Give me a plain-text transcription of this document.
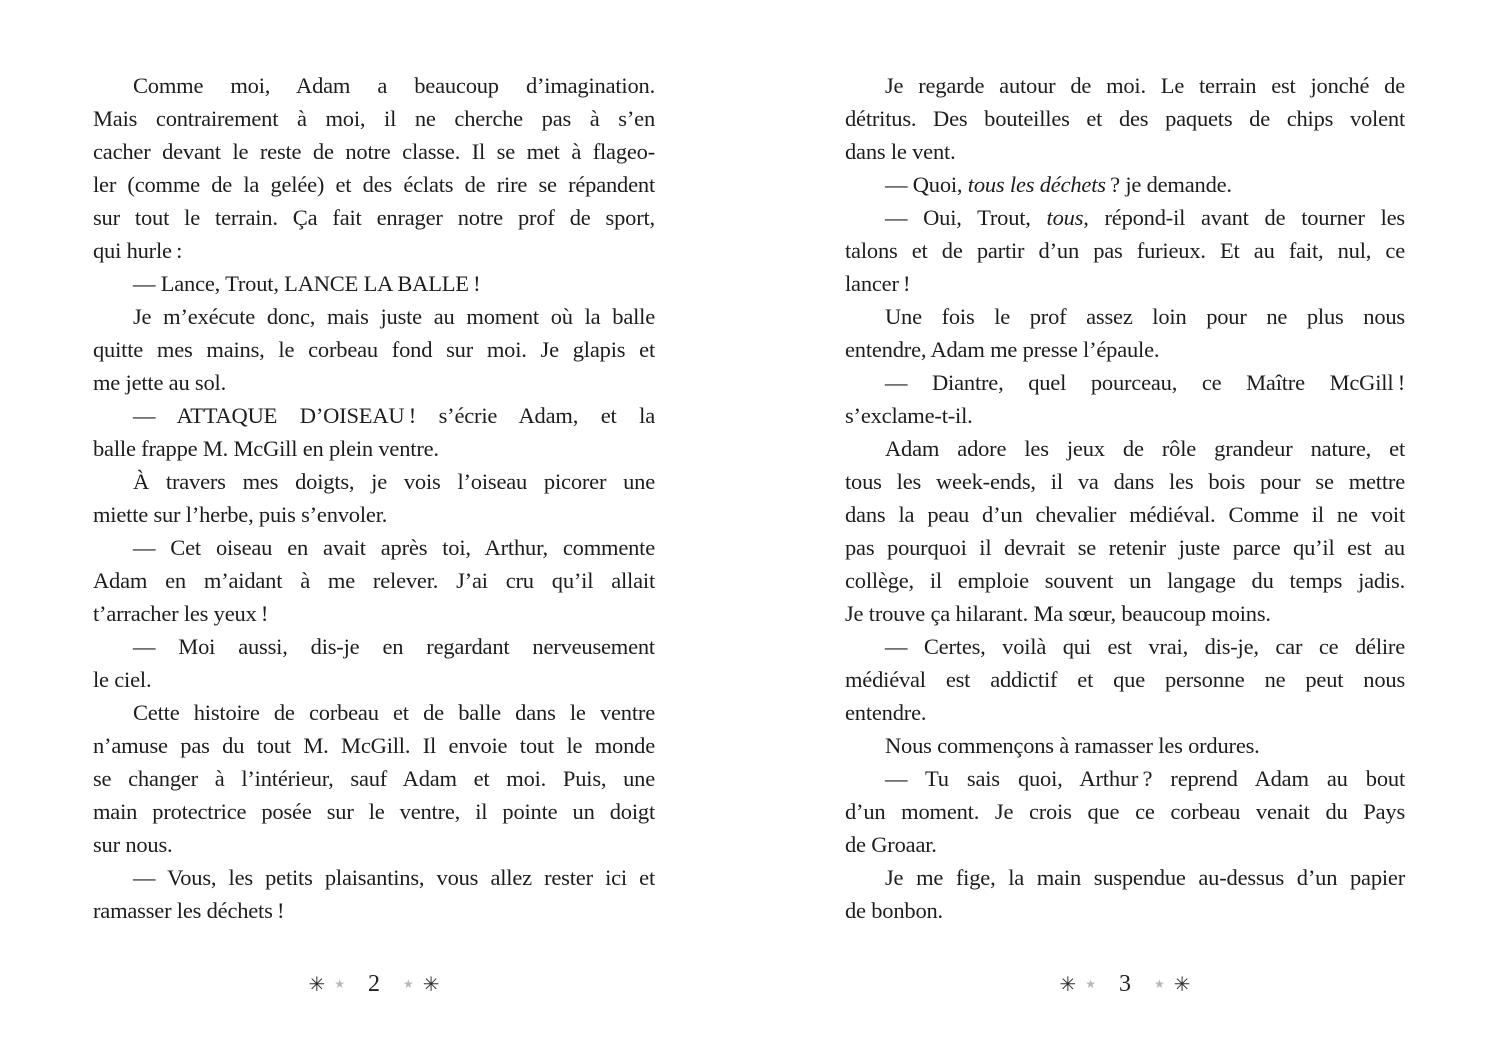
Comme moi, Adam a beaucoup d’imagination.
Mais contrairement à moi, il ne cherche pas à s’en
cacher devant le reste de notre classe. Il se met à flageo-
ler (comme de la gelée) et des éclats de rire se répandent
sur tout le terrain. Ça fait enrager notre prof de sport,
qui hurle :
— Lance, Trout, LANCE LA BALLE !
Je m’exécute donc, mais juste au moment où la balle
quitte mes mains, le corbeau fond sur moi. Je glapis et
me jette au sol.
— ATTAQUE D’OISEAU ! s’écrie Adam, et la
balle frappe M. McGill en plein ventre.
À travers mes doigts, je vois l’oiseau picorer une
miette sur l’herbe, puis s’envoler.
— Cet oiseau en avait après toi, Arthur, commente
Adam en m’aidant à me relever. J’ai cru qu’il allait
t’arracher les yeux !
— Moi aussi, dis-je en regardant nerveusement
le ciel.
Cette histoire de corbeau et de balle dans le ventre
n’amuse pas du tout M. McGill. Il envoie tout le monde
se changer à l’intérieur, sauf Adam et moi. Puis, une
main protectrice posée sur le ventre, il pointe un doigt
sur nous.
— Vous, les petits plaisantins, vous allez rester ici et
ramasser les déchets !
Je regarde autour de moi. Le terrain est jonché de
détritus. Des bouteilles et des paquets de chips volent
dans le vent.
— Quoi, tous les déchets ? je demande.
— Oui, Trout, tous, répond-il avant de tourner les
talons et de partir d’un pas furieux. Et au fait, nul, ce
lancer !
Une fois le prof assez loin pour ne plus nous
entendre, Adam me presse l’épaule.
— Diantre, quel pourceau, ce Maître McGill !
s’exclame-t-il.
Adam adore les jeux de rôle grandeur nature, et
tous les week-ends, il va dans les bois pour se mettre
dans la peau d’un chevalier médiéval. Comme il ne voit
pas pourquoi il devrait se retenir juste parce qu’il est au
collège, il emploie souvent un langage du temps jadis.
Je trouve ça hilarant. Ma sœur, beaucoup moins.
— Certes, voilà qui est vrai, dis-je, car ce délire
médiéval est addictif et que personne ne peut nous
entendre.
Nous commençons à ramasser les ordures.
— Tu sais quoi, Arthur ? reprend Adam au bout
d’un moment. Je crois que ce corbeau venait du Pays
de Groaar.
Je me fige, la main suspendue au-dessus d’un papier
de bonbon.
✳ ★ 2 ★ ✳	✳ ★ 3 ★ ✳
